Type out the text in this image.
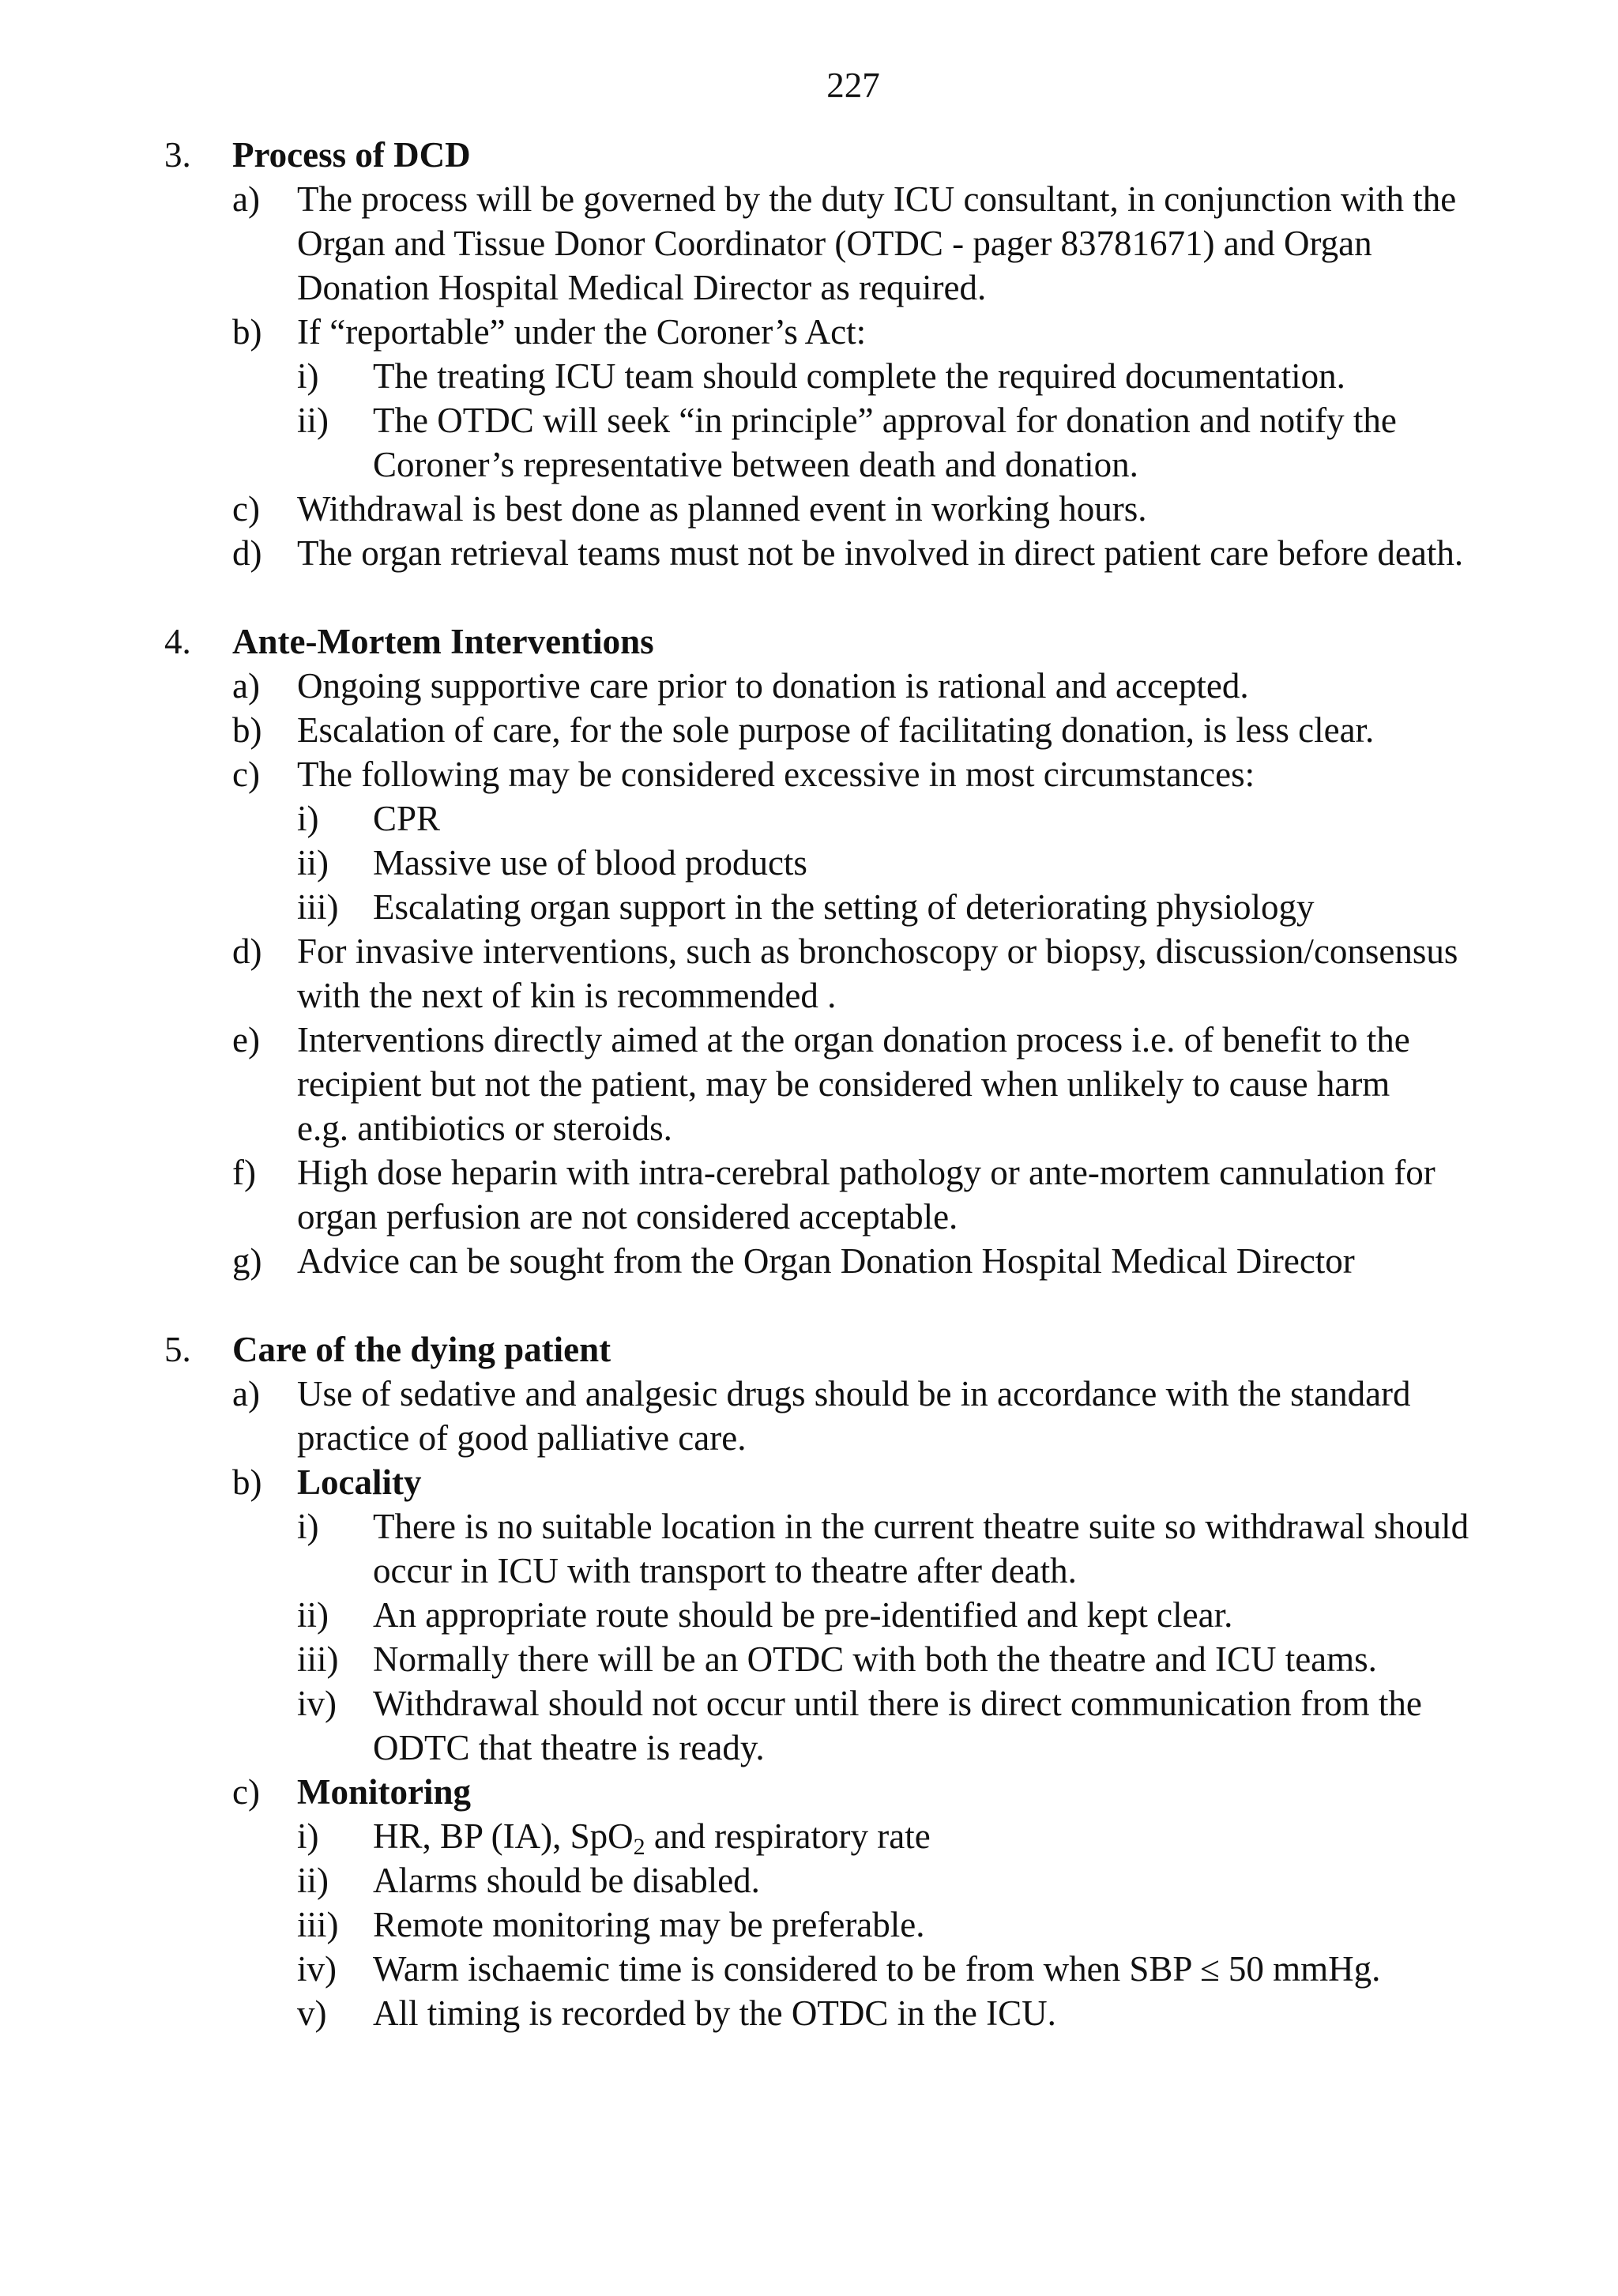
227
3. Process of DCD
a) The process will be governed by the duty ICU consultant, in conjunction with the
Organ and Tissue Donor Coordinator (OTDC - pager 83781671) and Organ
Donation Hospital Medical Director as required.
b) If “reportable” under the Coroner’s Act:
i) The treating ICU team should complete the required documentation.
ii) The OTDC will seek “in principle” approval for donation and notify the
Coroner’s representative between death and donation.
c) Withdrawal is best done as planned event in working hours.
d) The organ retrieval teams must not be involved in direct patient care before death.
4. Ante-Mortem Interventions
a) Ongoing supportive care prior to donation is rational and accepted.
b) Escalation of care, for the sole purpose of facilitating donation, is less clear.
c) The following may be considered excessive in most circumstances:
i) CPR
ii) Massive use of blood products
iii) Escalating organ support in the setting of deteriorating physiology
d) For invasive interventions, such as bronchoscopy or biopsy, discussion/consensus
with the next of kin is recommended .
e) Interventions directly aimed at the organ donation process i.e. of benefit to the
recipient but not the patient, may be considered when unlikely to cause harm
e.g. antibiotics or steroids.
f) High dose heparin with intra-cerebral pathology or ante-mortem cannulation for
organ perfusion are not considered acceptable.
g) Advice can be sought from the Organ Donation Hospital Medical Director
5. Care of the dying patient
a) Use of sedative and analgesic drugs should be in accordance with the standard
practice of good palliative care.
b) Locality
i) There is no suitable location in the current theatre suite so withdrawal should
occur in ICU with transport to theatre after death.
ii) An appropriate route should be pre-identified and kept clear.
iii) Normally there will be an OTDC with both the theatre and ICU teams.
iv) Withdrawal should not occur until there is direct communication from the
ODTC that theatre is ready.
c) Monitoring
i) HR, BP (IA), SpO$_2$ and respiratory rate
ii) Alarms should be disabled.
iii) Remote monitoring may be preferable.
iv) Warm ischaemic time is considered to be from when SBP ≤ 50 mmHg.
v) All timing is recorded by the OTDC in the ICU.
